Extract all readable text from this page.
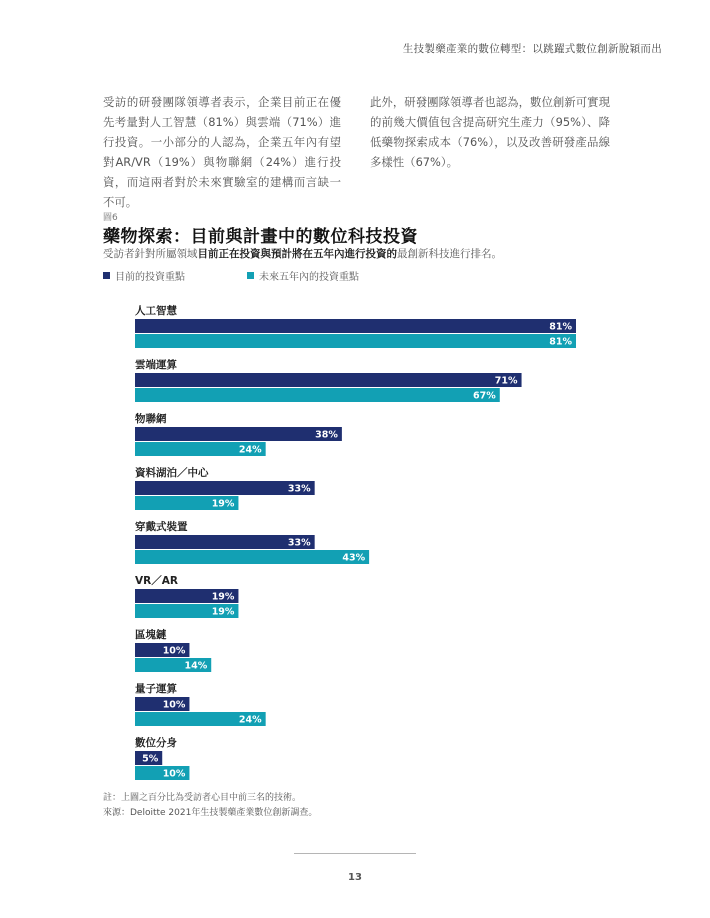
生技製藥產業的數位轉型：以跳躍式數位創新脫穎而出
受訪的研發團隊領導者表示，企業目前正在優先考量對人工智慧（81%）與雲端（71%）進行投資。一小部分的人認為，企業五年內有望對AR/VR（19%）與物聯網（24%）進行投資，而這兩者對於未來實驗室的建構而言缺一不可。
此外，研發團隊領導者也認為，數位創新可實現的前幾大價值包含提高研究生產力（95%）、降低藥物探索成本（76%），以及改善研發產品線多樣性（67%）。
圖6
藥物探索：目前與計畫中的數位科技投資
受訪者針對所屬領域目前正在投資與預計將在五年內進行投資的最創新科技進行排名。
目前的投資重點	未來五年內的投資重點
人工智慧
81%
81%
雲端運算
71%
67%
物聯網
38%
24%
資料湖泊／中心
33%
19%
穿戴式裝置
33%
43%
VR／AR
19%
19%
區塊鏈
10%
14%
量子運算
10%
24%
數位分身
5%
10%
註：上圖之百分比為受訪者心目中前三名的技術。
來源：Deloitte 2021年生技製藥產業數位創新調查。
13
